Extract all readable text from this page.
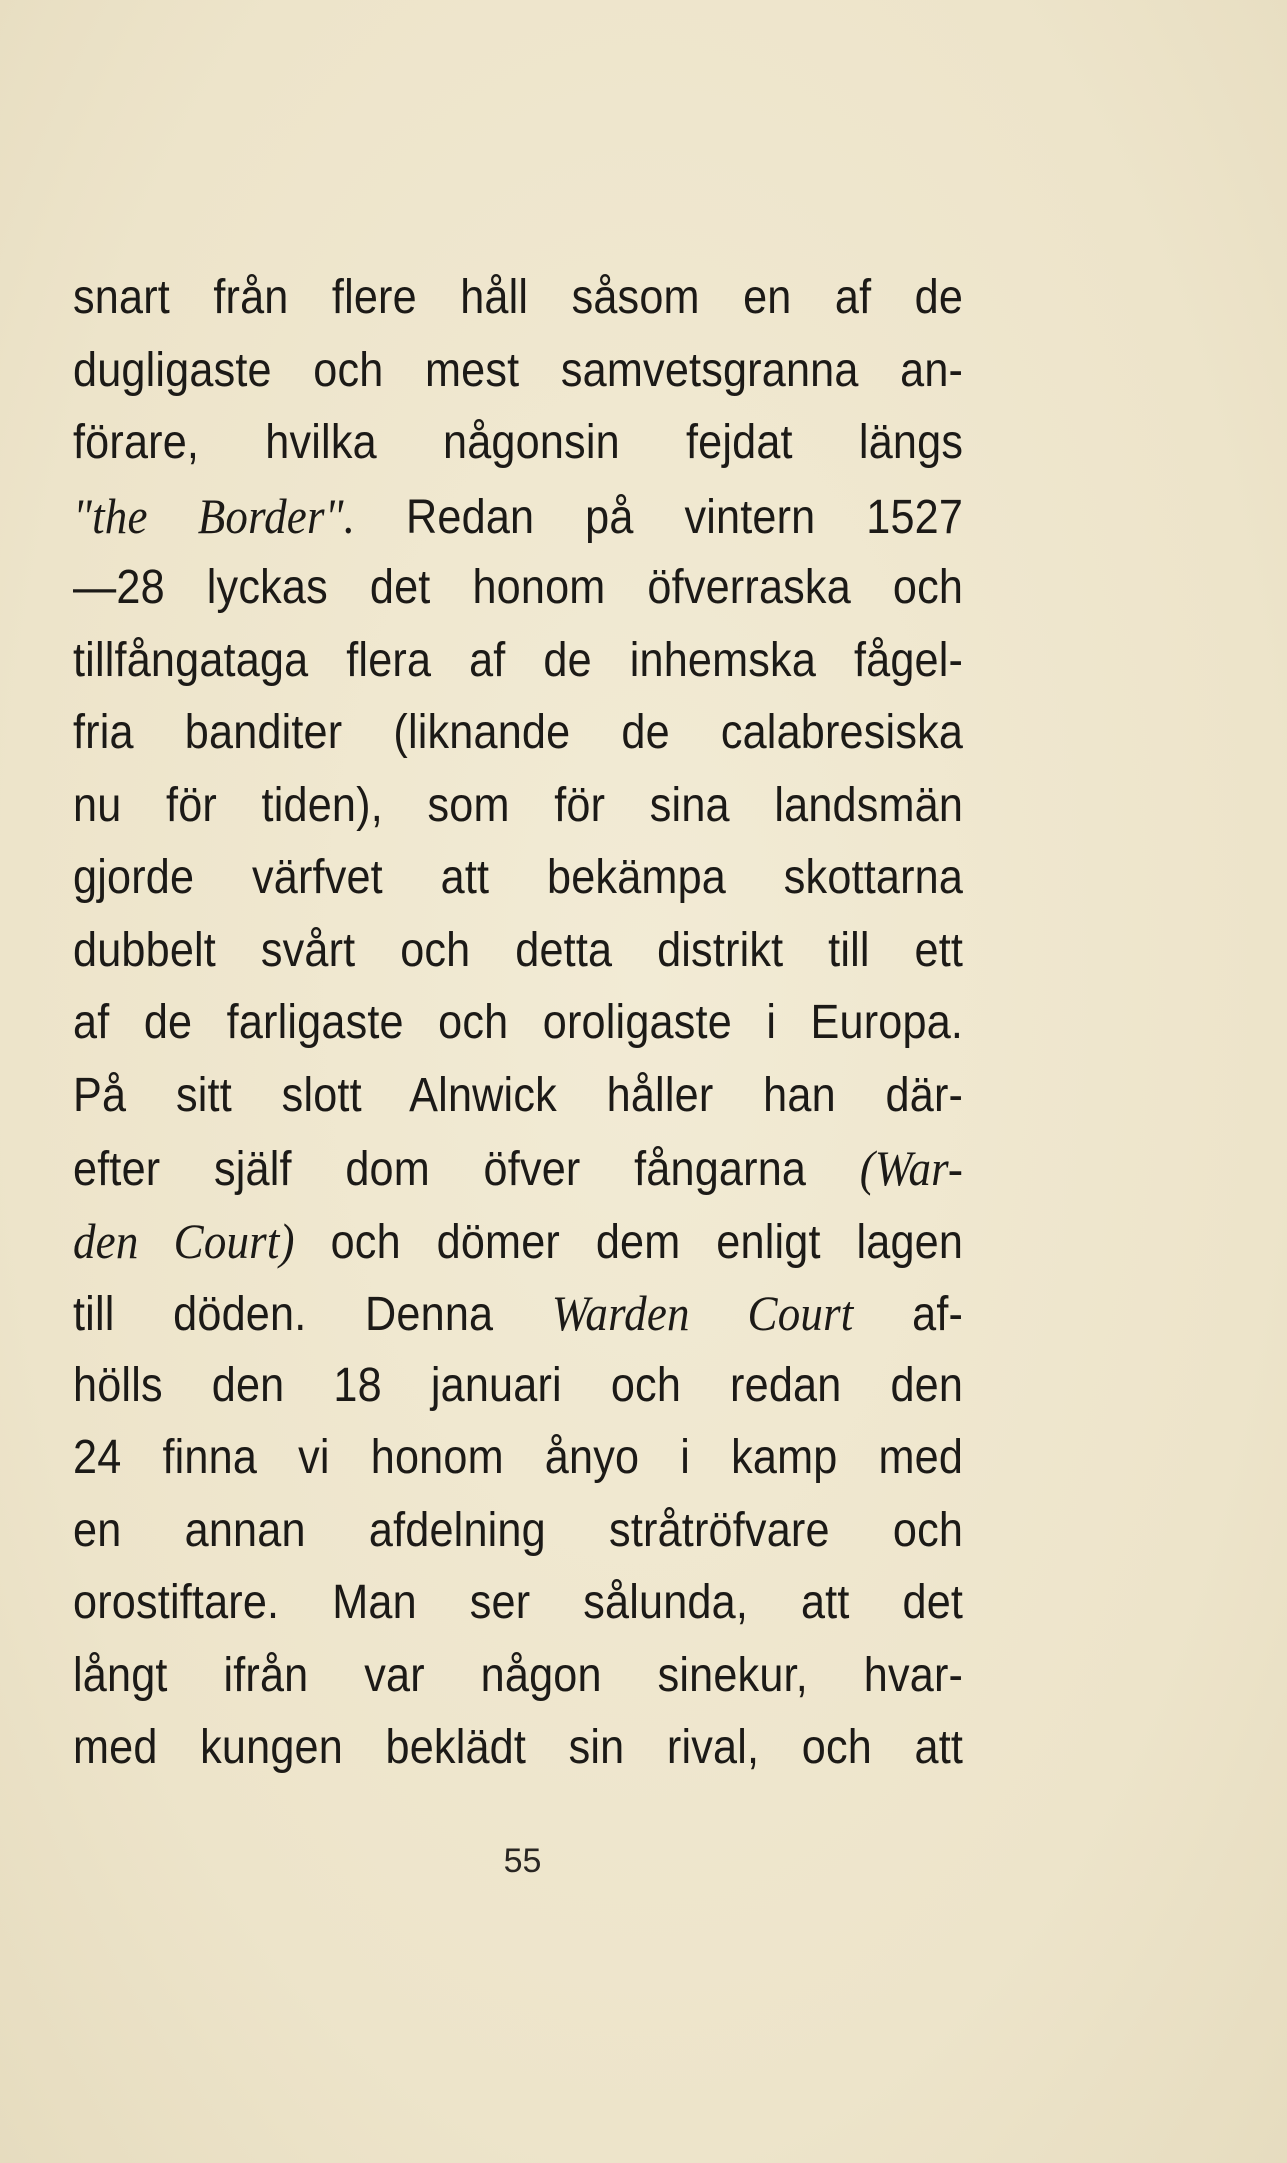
snart från flere håll såsom en af de
dugligaste och mest samvetsgranna an-
förare, hvilka någonsin fejdat längs
"the Border". Redan på vintern 1527
—28 lyckas det honom öfverraska och
tillfångataga flera af de inhemska fågel-
fria banditer (liknande de calabresiska
nu för tiden), som för sina landsmän
gjorde värfvet att bekämpa skottarna
dubbelt svårt och detta distrikt till ett
af de farligaste och oroligaste i Europa.
På sitt slott Alnwick håller han där-
efter själf dom öfver fångarna (War-
den Court) och dömer dem enligt lagen
till döden. Denna Warden Court af-
hölls den 18 januari och redan den
24 finna vi honom ånyo i kamp med
en annan afdelning stråtröfvare och
orostiftare. Man ser sålunda, att det
långt ifrån var någon sinekur, hvar-
med kungen beklädt sin rival, och att
55
